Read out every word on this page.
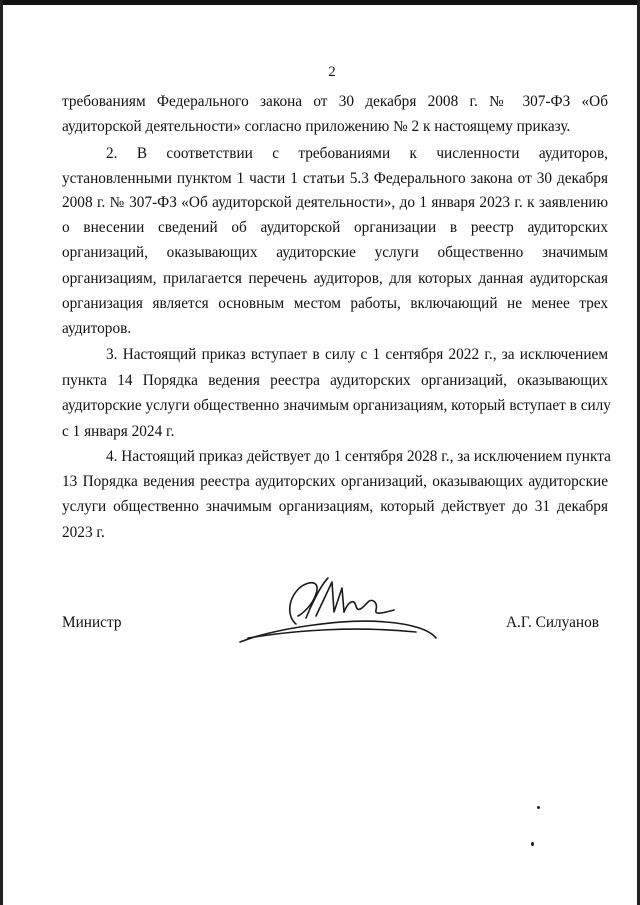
2
требованиям Федерального закона от 30 декабря 2008 г. № 307-ФЗ «Об
аудиторской деятельности» согласно приложению № 2 к настоящему приказу.
2. В соответствии с требованиями к численности аудиторов,
установленными пунктом 1 части 1 статьи 5.3 Федерального закона от 30 декабря
2008 г. № 307-ФЗ «Об аудиторской деятельности», до 1 января 2023 г. к заявлению
о внесении сведений об аудиторской организации в реестр аудиторских
организаций, оказывающих аудиторские услуги общественно значимым
организациям, прилагается перечень аудиторов, для которых данная аудиторская
организация является основным местом работы, включающий не менее трех
аудиторов.
3. Настоящий приказ вступает в силу с 1 сентября 2022 г., за исключением
пункта 14 Порядка ведения реестра аудиторских организаций, оказывающих
аудиторские услуги общественно значимым организациям, который вступает в силу
с 1 января 2024 г.
4. Настоящий приказ действует до 1 сентября 2028 г., за исключением пункта
13 Порядка ведения реестра аудиторских организаций, оказывающих аудиторские
услуги общественно значимым организациям, который действует до 31 декабря
2023 г.
Министр	А.Г. Силуанов
